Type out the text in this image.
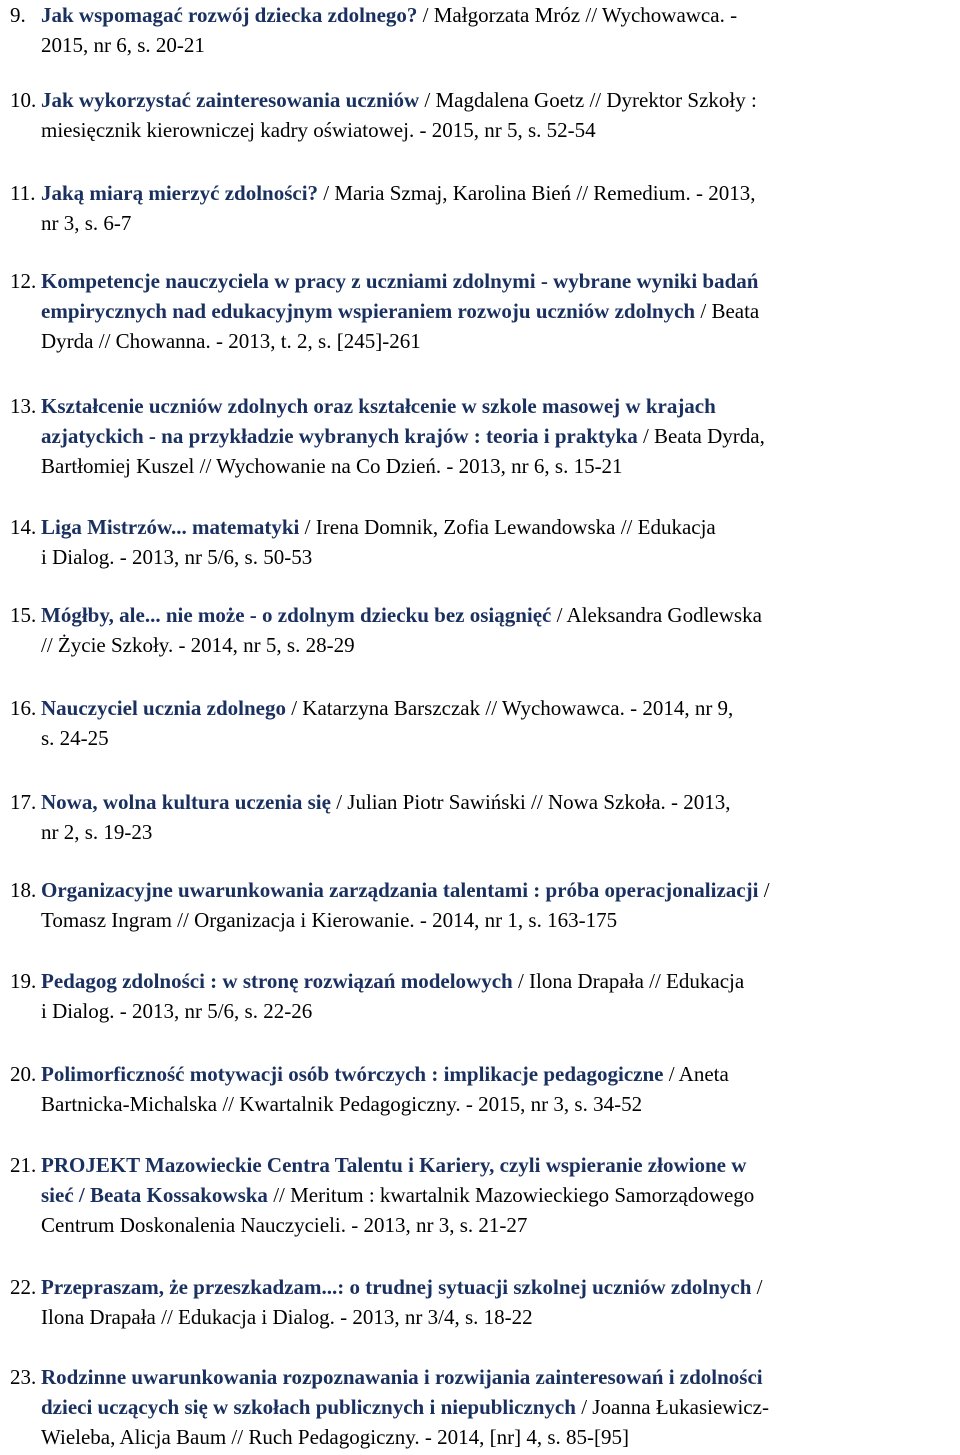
9. Jak wspomagać rozwój dziecka zdolnego? / Małgorzata Mróz // Wychowawca. -
2015, nr 6, s. 20-21
10. Jak wykorzystać zainteresowania uczniów / Magdalena Goetz // Dyrektor Szkoły :
miesięcznik kierowniczej kadry oświatowej. - 2015, nr 5, s. 52-54
11. Jaką miarą mierzyć zdolności? / Maria Szmaj, Karolina Bień // Remedium. - 2013,
nr 3, s. 6-7
12. Kompetencje nauczyciela w pracy z uczniami zdolnymi - wybrane wyniki badań
empirycznych nad edukacyjnym wspieraniem rozwoju uczniów zdolnych / Beata
Dyrda // Chowanna. - 2013, t. 2, s. [245]-261
13. Kształcenie uczniów zdolnych oraz kształcenie w szkole masowej w krajach
azjatyckich - na przykładzie wybranych krajów : teoria i praktyka / Beata Dyrda,
Bartłomiej Kuszel // Wychowanie na Co Dzień. - 2013, nr 6, s. 15-21
14. Liga Mistrzów... matematyki / Irena Domnik, Zofia Lewandowska // Edukacja
i Dialog. - 2013, nr 5/6, s. 50-53
15. Mógłby, ale... nie może - o zdolnym dziecku bez osiągnięć / Aleksandra Godlewska
// Życie Szkoły. - 2014, nr 5, s. 28-29
16. Nauczyciel ucznia zdolnego / Katarzyna Barszczak // Wychowawca. - 2014, nr 9,
s. 24-25
17. Nowa, wolna kultura uczenia się / Julian Piotr Sawiński // Nowa Szkoła. - 2013,
nr 2, s. 19-23
18. Organizacyjne uwarunkowania zarządzania talentami : próba operacjonalizacji /
Tomasz Ingram // Organizacja i Kierowanie. - 2014, nr 1, s. 163-175
19. Pedagog zdolności : w stronę rozwiązań modelowych / Ilona Drapała // Edukacja
i Dialog. - 2013, nr 5/6, s. 22-26
20. Polimorficzność motywacji osób twórczych : implikacje pedagogiczne / Aneta
Bartnicka-Michalska // Kwartalnik Pedagogiczny. - 2015, nr 3, s. 34-52
21. PROJEKT Mazowieckie Centra Talentu i Kariery, czyli wspieranie złowione w
sieć / Beata Kossakowska // Meritum : kwartalnik Mazowieckiego Samorządowego
Centrum Doskonalenia Nauczycieli. - 2013, nr 3, s. 21-27
22. Przepraszam, że przeszkadzam...: o trudnej sytuacji szkolnej uczniów zdolnych /
Ilona Drapała // Edukacja i Dialog. - 2013, nr 3/4, s. 18-22
23. Rodzinne uwarunkowania rozpoznawania i rozwijania zainteresowań i zdolności
dzieci uczących się w szkołach publicznych i niepublicznych / Joanna Łukasiewicz-
Wieleba, Alicja Baum // Ruch Pedagogiczny. - 2014, [nr] 4, s. 85-[95]
